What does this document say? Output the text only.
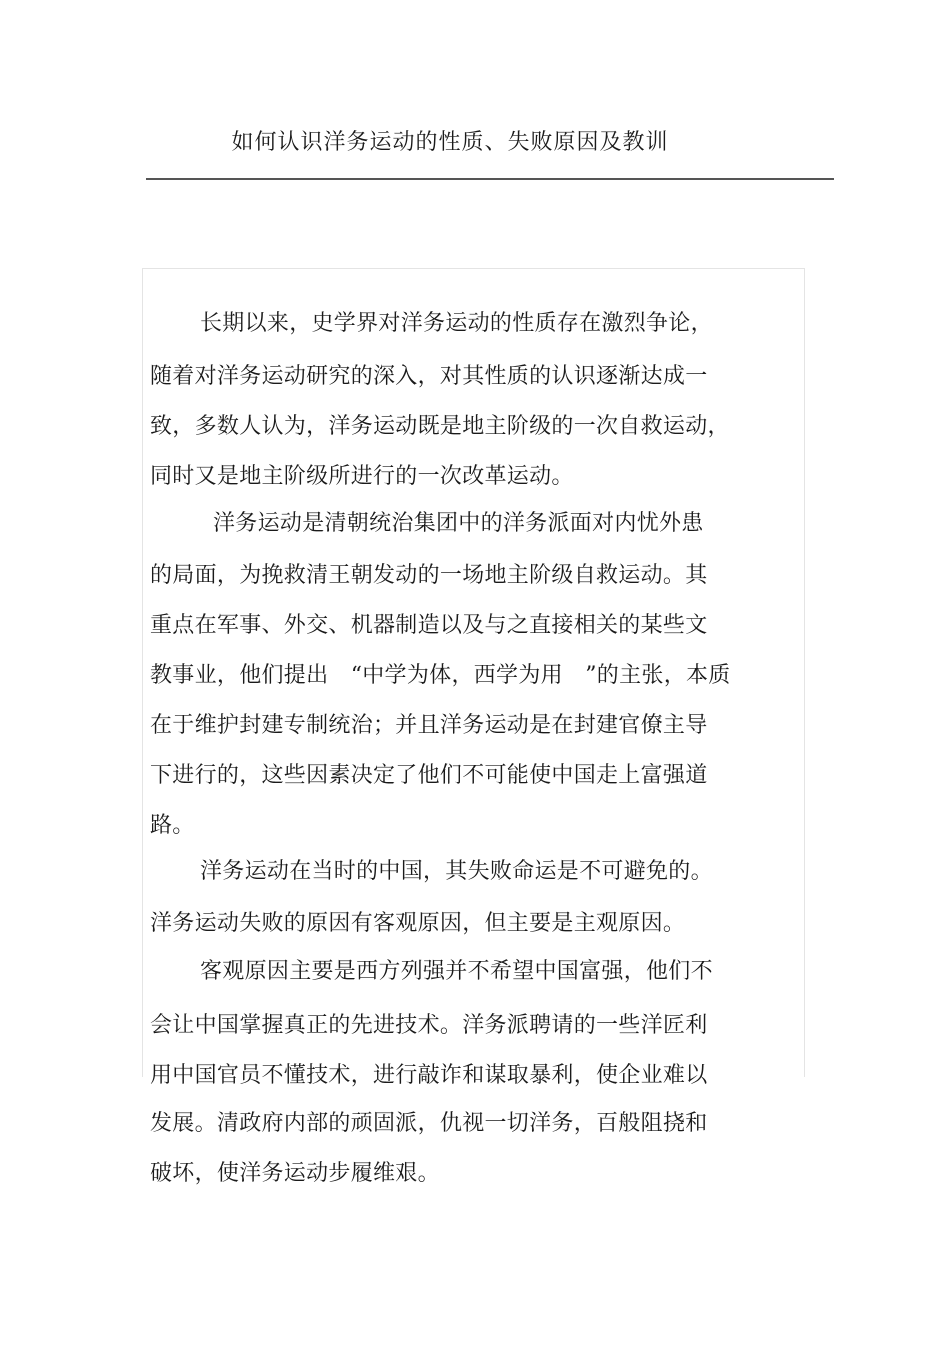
如何认识洋务运动的性质、失败原因及教训
长期以来，史学界对洋务运动的性质存在激烈争论，
随着对洋务运动研究的深入，对其性质的认识逐渐达成一
致，多数人认为，洋务运动既是地主阶级的一次自救运动，
同时又是地主阶级所进行的一次改革运动。
洋务运动是清朝统治集团中的洋务派面对内忧外患
的局面，为挽救清王朝发动的一场地主阶级自救运动。其
重点在军事、外交、机器制造以及与之直接相关的某些文
教事业，他们提出　“中学为体，西学为用　”的主张，本质
在于维护封建专制统治；并且洋务运动是在封建官僚主导
下进行的，这些因素决定了他们不可能使中国走上富强道
路。
洋务运动在当时的中国，其失败命运是不可避免的。
洋务运动失败的原因有客观原因，但主要是主观原因。
客观原因主要是西方列强并不希望中国富强，他们不
会让中国掌握真正的先进技术。洋务派聘请的一些洋匠利
用中国官员不懂技术，进行敲诈和谋取暴利，使企业难以
发展。清政府内部的顽固派，仇视一切洋务，百般阻挠和
破坏，使洋务运动步履维艰。
